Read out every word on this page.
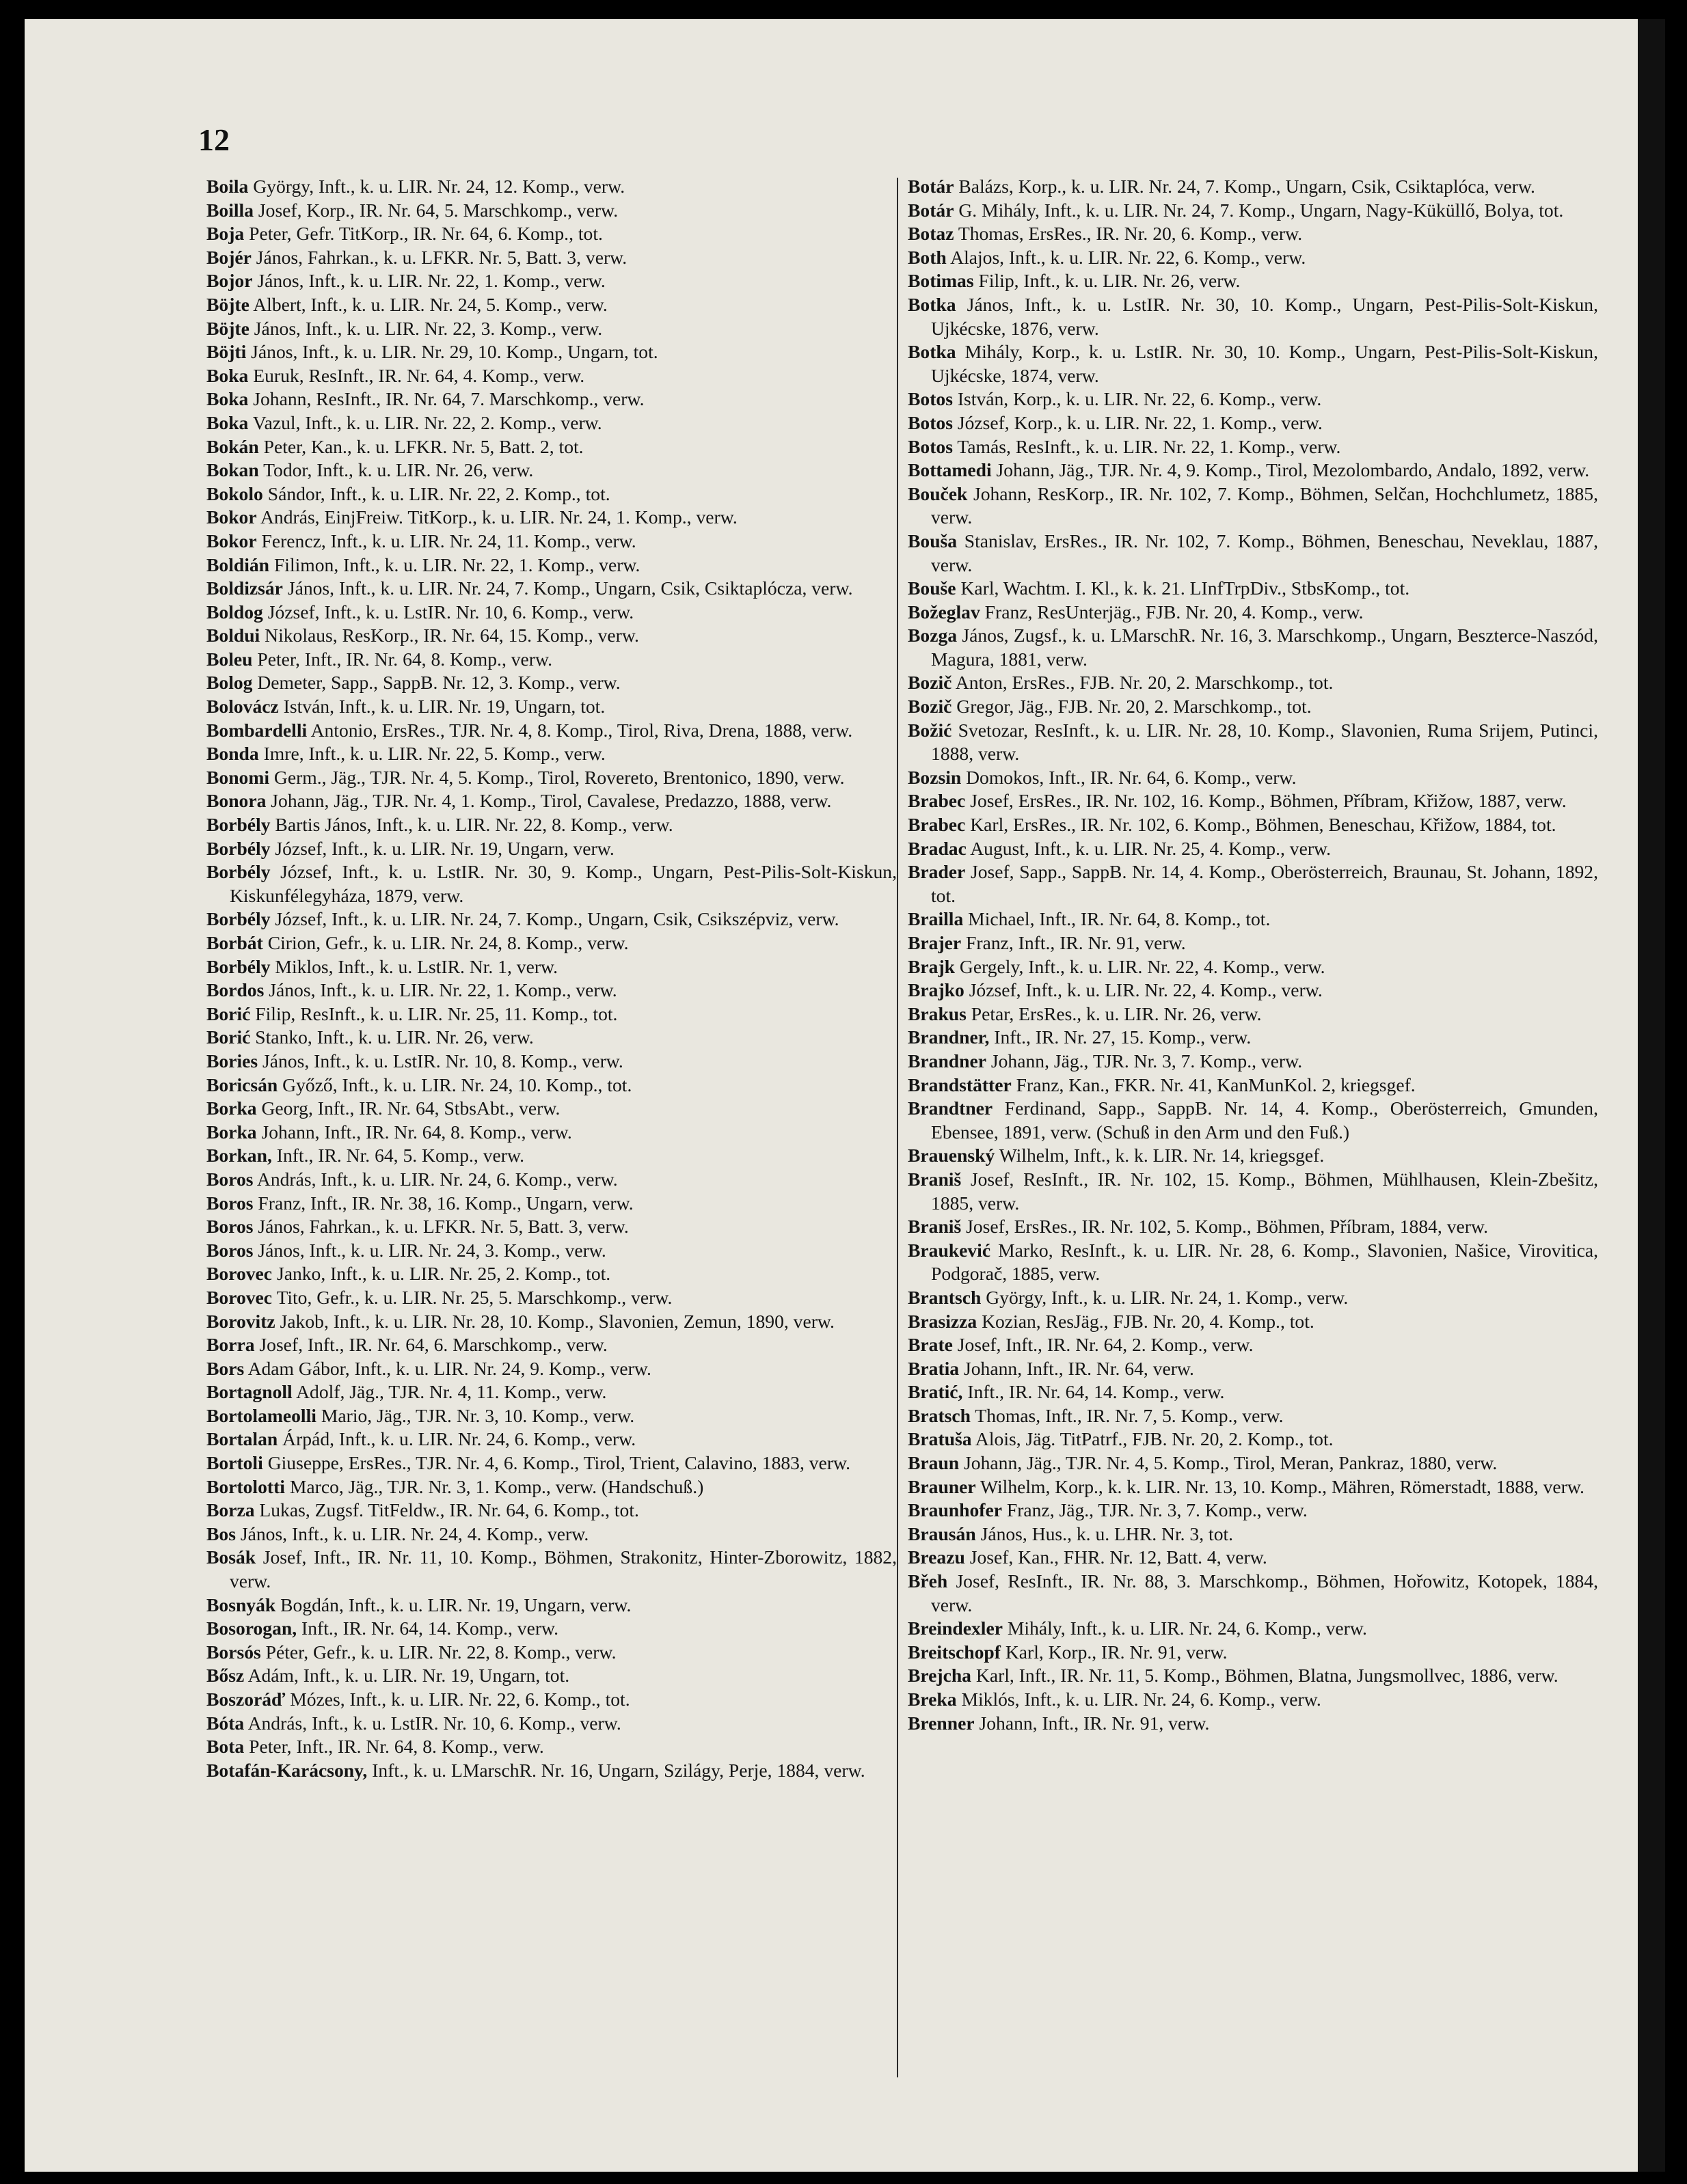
12
Boila György, Inft., k. u. LIR. Nr. 24, 12. Komp., verw.
Boilla Josef, Korp., IR. Nr. 64, 5. Marschkomp., verw.
Boja Peter, Gefr. TitKorp., IR. Nr. 64, 6. Komp., tot.
Bojér János, Fahrkan., k. u. LFKR. Nr. 5, Batt. 3, verw.
Bojor János, Inft., k. u. LIR. Nr. 22, 1. Komp., verw.
Böjte Albert, Inft., k. u. LIR. Nr. 24, 5. Komp., verw.
Böjte János, Inft., k. u. LIR. Nr. 22, 3. Komp., verw.
Böjti János, Inft., k. u. LIR. Nr. 29, 10. Komp., Ungarn, tot.
Boka Euruk, ResInft., IR. Nr. 64, 4. Komp., verw.
Boka Johann, ResInft., IR. Nr. 64, 7. Marschkomp., verw.
Boka Vazul, Inft., k. u. LIR. Nr. 22, 2. Komp., verw.
Bokán Peter, Kan., k. u. LFKR. Nr. 5, Batt. 2, tot.
Bokan Todor, Inft., k. u. LIR. Nr. 26, verw.
Bokolo Sándor, Inft., k. u. LIR. Nr. 22, 2. Komp., tot.
Bokor András, EinjFreiw. TitKorp., k. u. LIR. Nr. 24, 1. Komp., verw.
Bokor Ferencz, Inft., k. u. LIR. Nr. 24, 11. Komp., verw.
Boldián Filimon, Inft., k. u. LIR. Nr. 22, 1. Komp., verw.
Boldizsár János, Inft., k. u. LIR. Nr. 24, 7. Komp., Ungarn, Csik, Csiktaplócza, verw.
Boldog József, Inft., k. u. LstIR. Nr. 10, 6. Komp., verw.
Boldui Nikolaus, ResKorp., IR. Nr. 64, 15. Komp., verw.
Boleu Peter, Inft., IR. Nr. 64, 8. Komp., verw.
Bolog Demeter, Sapp., SappB. Nr. 12, 3. Komp., verw.
Bolovácz István, Inft., k. u. LIR. Nr. 19, Ungarn, tot.
Bombardelli Antonio, ErsRes., TJR. Nr. 4, 8. Komp., Tirol, Riva, Drena, 1888, verw.
Bonda Imre, Inft., k. u. LIR. Nr. 22, 5. Komp., verw.
Bonomi Germ., Jäg., TJR. Nr. 4, 5. Komp., Tirol, Rovereto, Brentonico, 1890, verw.
Bonora Johann, Jäg., TJR. Nr. 4, 1. Komp., Tirol, Cavalese, Predazzo, 1888, verw.
Borbély Bartis János, Inft., k. u. LIR. Nr. 22, 8. Komp., verw.
Borbély József, Inft., k. u. LIR. Nr. 19, Ungarn, verw.
Borbély József, Inft., k. u. LstIR. Nr. 30, 9. Komp., Ungarn, Pest-Pilis-Solt-Kiskun, Kiskunfélegyháza, 1879, verw.
Borbély József, Inft., k. u. LIR. Nr. 24, 7. Komp., Ungarn, Csik, Csikszépviz, verw.
Borbát Cirion, Gefr., k. u. LIR. Nr. 24, 8. Komp., verw.
Borbély Miklos, Inft., k. u. LstIR. Nr. 1, verw.
Bordos János, Inft., k. u. LIR. Nr. 22, 1. Komp., verw.
Borić Filip, ResInft., k. u. LIR. Nr. 25, 11. Komp., tot.
Borić Stanko, Inft., k. u. LIR. Nr. 26, verw.
Bories János, Inft., k. u. LstIR. Nr. 10, 8. Komp., verw.
Boricsán Győző, Inft., k. u. LIR. Nr. 24, 10. Komp., tot.
Borka Georg, Inft., IR. Nr. 64, StbsAbt., verw.
Borka Johann, Inft., IR. Nr. 64, 8. Komp., verw.
Borkan, Inft., IR. Nr. 64, 5. Komp., verw.
Boros András, Inft., k. u. LIR. Nr. 24, 6. Komp., verw.
Boros Franz, Inft., IR. Nr. 38, 16. Komp., Ungarn, verw.
Boros János, Fahrkan., k. u. LFKR. Nr. 5, Batt. 3, verw.
Boros János, Inft., k. u. LIR. Nr. 24, 3. Komp., verw.
Borovec Janko, Inft., k. u. LIR. Nr. 25, 2. Komp., tot.
Borovec Tito, Gefr., k. u. LIR. Nr. 25, 5. Marschkomp., verw.
Borovitz Jakob, Inft., k. u. LIR. Nr. 28, 10. Komp., Slavonien, Zemun, 1890, verw.
Borra Josef, Inft., IR. Nr. 64, 6. Marschkomp., verw.
Bors Adam Gábor, Inft., k. u. LIR. Nr. 24, 9. Komp., verw.
Bortagnoll Adolf, Jäg., TJR. Nr. 4, 11. Komp., verw.
Bortolameolli Mario, Jäg., TJR. Nr. 3, 10. Komp., verw.
Bortalan Árpád, Inft., k. u. LIR. Nr. 24, 6. Komp., verw.
Bortoli Giuseppe, ErsRes., TJR. Nr. 4, 6. Komp., Tirol, Trient, Calavino, 1883, verw.
Bortolotti Marco, Jäg., TJR. Nr. 3, 1. Komp., verw. (Handschuß.)
Borza Lukas, Zugsf. TitFeldw., IR. Nr. 64, 6. Komp., tot.
Bos János, Inft., k. u. LIR. Nr. 24, 4. Komp., verw.
Bosák Josef, Inft., IR. Nr. 11, 10. Komp., Böhmen, Strakonitz, Hinter-Zborowitz, 1882, verw.
Bosnyák Bogdán, Inft., k. u. LIR. Nr. 19, Ungarn, verw.
Bosorogan, Inft., IR. Nr. 64, 14. Komp., verw.
Borsós Péter, Gefr., k. u. LIR. Nr. 22, 8. Komp., verw.
Bősz Adám, Inft., k. u. LIR. Nr. 19, Ungarn, tot.
Boszoráď Mózes, Inft., k. u. LIR. Nr. 22, 6. Komp., tot.
Bóta András, Inft., k. u. LstIR. Nr. 10, 6. Komp., verw.
Bota Peter, Inft., IR. Nr. 64, 8. Komp., verw.
Botafán-Karácsony, Inft., k. u. LMarschR. Nr. 16, Ungarn, Szilágy, Perje, 1884, verw.
Botár Balázs, Korp., k. u. LIR. Nr. 24, 7. Komp., Ungarn, Csik, Csiktaplóca, verw.
Botár G. Mihály, Inft., k. u. LIR. Nr. 24, 7. Komp., Ungarn, Nagy-Küküllő, Bolya, tot.
Botaz Thomas, ErsRes., IR. Nr. 20, 6. Komp., verw.
Both Alajos, Inft., k. u. LIR. Nr. 22, 6. Komp., verw.
Botimas Filip, Inft., k. u. LIR. Nr. 26, verw.
Botka János, Inft., k. u. LstIR. Nr. 30, 10. Komp., Ungarn, Pest-Pilis-Solt-Kiskun, Ujkécske, 1876, verw.
Botka Mihály, Korp., k. u. LstIR. Nr. 30, 10. Komp., Ungarn, Pest-Pilis-Solt-Kiskun, Ujkécske, 1874, verw.
Botos István, Korp., k. u. LIR. Nr. 22, 6. Komp., verw.
Botos József, Korp., k. u. LIR. Nr. 22, 1. Komp., verw.
Botos Tamás, ResInft., k. u. LIR. Nr. 22, 1. Komp., verw.
Bottamedi Johann, Jäg., TJR. Nr. 4, 9. Komp., Tirol, Mezolombardo, Andalo, 1892, verw.
Bouček Johann, ResKorp., IR. Nr. 102, 7. Komp., Böhmen, Selčan, Hochchlumetz, 1885, verw.
Bouša Stanislav, ErsRes., IR. Nr. 102, 7. Komp., Böhmen, Beneschau, Neveklau, 1887, verw.
Bouše Karl, Wachtm. I. Kl., k. k. 21. LInfTrpDiv., StbsKomp., tot.
Božeglav Franz, ResUnterjäg., FJB. Nr. 20, 4. Komp., verw.
Bozga János, Zugsf., k. u. LMarschR. Nr. 16, 3. Marschkomp., Ungarn, Beszterce-Naszód, Magura, 1881, verw.
Bozič Anton, ErsRes., FJB. Nr. 20, 2. Marschkomp., tot.
Bozič Gregor, Jäg., FJB. Nr. 20, 2. Marschkomp., tot.
Božić Svetozar, ResInft., k. u. LIR. Nr. 28, 10. Komp., Slavonien, Ruma Srijem, Putinci, 1888, verw.
Bozsin Domokos, Inft., IR. Nr. 64, 6. Komp., verw.
Brabec Josef, ErsRes., IR. Nr. 102, 16. Komp., Böhmen, Příbram, Křižow, 1887, verw.
Brabec Karl, ErsRes., IR. Nr. 102, 6. Komp., Böhmen, Beneschau, Křižow, 1884, tot.
Bradac August, Inft., k. u. LIR. Nr. 25, 4. Komp., verw.
Brader Josef, Sapp., SappB. Nr. 14, 4. Komp., Oberösterreich, Braunau, St. Johann, 1892, tot.
Brailla Michael, Inft., IR. Nr. 64, 8. Komp., tot.
Brajer Franz, Inft., IR. Nr. 91, verw.
Brajk Gergely, Inft., k. u. LIR. Nr. 22, 4. Komp., verw.
Brajko József, Inft., k. u. LIR. Nr. 22, 4. Komp., verw.
Brakus Petar, ErsRes., k. u. LIR. Nr. 26, verw.
Brandner, Inft., IR. Nr. 27, 15. Komp., verw.
Brandner Johann, Jäg., TJR. Nr. 3, 7. Komp., verw.
Brandstätter Franz, Kan., FKR. Nr. 41, KanMunKol. 2, kriegsgef.
Brandtner Ferdinand, Sapp., SappB. Nr. 14, 4. Komp., Oberösterreich, Gmunden, Ebensee, 1891, verw. (Schuß in den Arm und den Fuß.)
Brauenský Wilhelm, Inft., k. k. LIR. Nr. 14, kriegsgef.
Braniš Josef, ResInft., IR. Nr. 102, 15. Komp., Böhmen, Mühlhausen, Klein-Zbešitz, 1885, verw.
Braniš Josef, ErsRes., IR. Nr. 102, 5. Komp., Böhmen, Příbram, 1884, verw.
Braukević Marko, ResInft., k. u. LIR. Nr. 28, 6. Komp., Slavonien, Našice, Virovitica, Podgorač, 1885, verw.
Brantsch György, Inft., k. u. LIR. Nr. 24, 1. Komp., verw.
Brasizza Kozian, ResJäg., FJB. Nr. 20, 4. Komp., tot.
Brate Josef, Inft., IR. Nr. 64, 2. Komp., verw.
Bratia Johann, Inft., IR. Nr. 64, verw.
Bratić, Inft., IR. Nr. 64, 14. Komp., verw.
Bratsch Thomas, Inft., IR. Nr. 7, 5. Komp., verw.
Bratuša Alois, Jäg. TitPatrf., FJB. Nr. 20, 2. Komp., tot.
Braun Johann, Jäg., TJR. Nr. 4, 5. Komp., Tirol, Meran, Pankraz, 1880, verw.
Brauner Wilhelm, Korp., k. k. LIR. Nr. 13, 10. Komp., Mähren, Römerstadt, 1888, verw.
Braunhofer Franz, Jäg., TJR. Nr. 3, 7. Komp., verw.
Brausán János, Hus., k. u. LHR. Nr. 3, tot.
Breazu Josef, Kan., FHR. Nr. 12, Batt. 4, verw.
Břeh Josef, ResInft., IR. Nr. 88, 3. Marschkomp., Böhmen, Hořowitz, Kotopek, 1884, verw.
Breindexler Mihály, Inft., k. u. LIR. Nr. 24, 6. Komp., verw.
Breitschopf Karl, Korp., IR. Nr. 91, verw.
Brejcha Karl, Inft., IR. Nr. 11, 5. Komp., Böhmen, Blatna, Jungsmollvec, 1886, verw.
Breka Miklós, Inft., k. u. LIR. Nr. 24, 6. Komp., verw.
Brenner Johann, Inft., IR. Nr. 91, verw.
